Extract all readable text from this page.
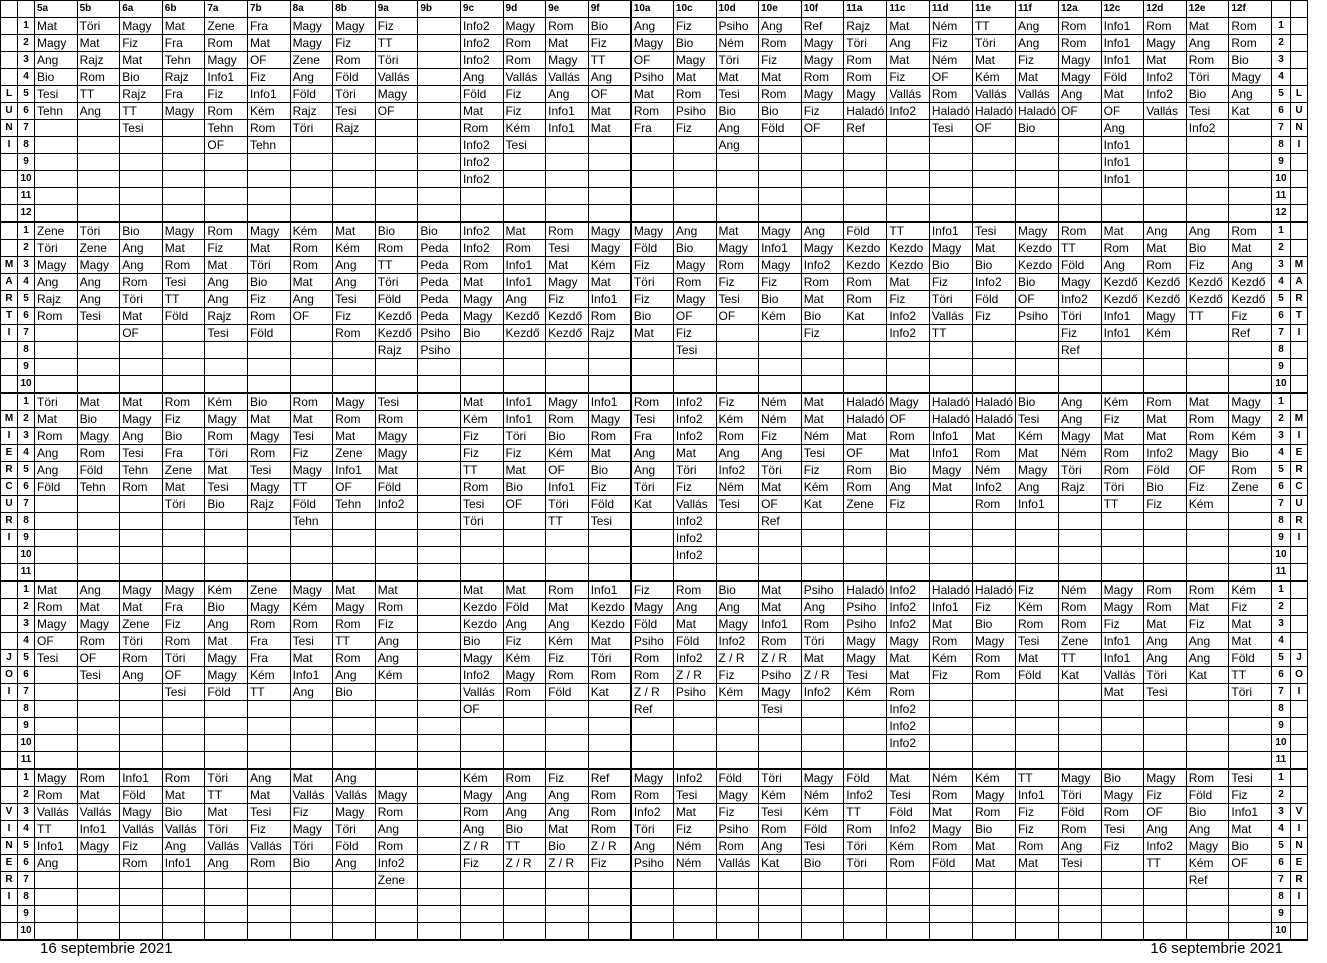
		5a	5b	6a	6b	7a	7b	8a	8b	9a	9b	9c	9d	9e	9f	10a	10c	10d	10e	10f	11a	11c	11d	11e	11f	12a	12c	12d	12e	12f		
	1	Mat	Töri	Magy	Mat	Zene	Fra	Magy	Magy	Fiz		Info2	Magy	Rom	Bio	Ang	Fiz	Psiho	Ang	Ref	Rajz	Mat	Ném	TT	Ang	Rom	Info1	Rom	Mat	Rom	1	
	2	Magy	Mat	Fiz	Fra	Rom	Mat	Magy	Fiz	TT		Info2	Rom	Mat	Fiz	Magy	Bio	Ném	Rom	Magy	Töri	Ang	Fiz	Töri	Ang	Rom	Info1	Magy	Ang	Rom	2	
	3	Ang	Rajz	Mat	Tehn	Magy	OF	Zene	Rom	Töri		Info2	Rom	Magy	TT	OF	Magy	Töri	Fiz	Magy	Rom	Mat	Ném	Mat	Fiz	Magy	Info1	Mat	Rom	Bio	3	
	4	Bio	Rom	Bio	Rajz	Info1	Fiz	Ang	Föld	Vallás		Ang	Vallás	Vallás	Ang	Psiho	Mat	Mat	Mat	Rom	Rom	Fiz	OF	Kém	Mat	Magy	Föld	Info2	Töri	Magy	4	
L	5	Tesi	TT	Rajz	Fra	Fiz	Info1	Föld	Töri	Magy		Föld	Fiz	Ang	OF	Mat	Rom	Tesi	Rom	Magy	Magy	Vallás	Rom	Vallás	Vallás	Ang	Mat	Info2	Bio	Ang	5	L
U	6	Tehn	Ang	TT	Magy	Rom	Kém	Rajz	Tesi	OF		Mat	Fiz	Info1	Mat	Rom	Psiho	Bio	Bio	Fiz	Haladó	Info2	Haladó	Haladó	Haladó	OF	OF	Vallás	Tesi	Kat	6	U
N	7			Tesi		Tehn	Rom	Töri	Rajz			Rom	Kém	Info1	Mat	Fra	Fiz	Ang	Föld	OF	Ref		Tesi	OF	Bio		Ang		Info2		7	N
I	8					OF	Tehn					Info2	Tesi					Ang									Info1				8	I
	9											Info2															Info1				9	
	10											Info2															Info1				10	
	11																														11	
	12																														12	
	1	Zene	Töri	Bio	Magy	Rom	Magy	Kém	Mat	Bio	Bio	Info2	Mat	Rom	Magy	Magy	Ang	Mat	Magy	Ang	Föld	TT	Info1	Tesi	Magy	Rom	Mat	Ang	Ang	Rom	1	
	2	Töri	Zene	Ang	Mat	Fiz	Mat	Rom	Kém	Rom	Peda	Info2	Rom	Tesi	Magy	Föld	Bio	Magy	Info1	Magy	Kezdo	Kezdo	Magy	Mat	Kezdo	TT	Rom	Mat	Bio	Mat	2	
M	3	Magy	Magy	Ang	Rom	Mat	Töri	Rom	Ang	TT	Peda	Rom	Info1	Mat	Kém	Fiz	Magy	Rom	Magy	Info2	Kezdo	Kezdo	Bio	Bio	Kezdo	Föld	Ang	Rom	Fiz	Ang	3	M
A	4	Ang	Ang	Rom	Tesi	Ang	Bio	Mat	Ang	Töri	Peda	Mat	Info1	Magy	Mat	Töri	Rom	Fiz	Fiz	Rom	Rom	Mat	Fiz	Info2	Bio	Magy	Kezdő	Kezdő	Kezdő	Kezdő	4	A
R	5	Rajz	Ang	Töri	TT	Ang	Fiz	Ang	Tesi	Föld	Peda	Magy	Ang	Fiz	Info1	Fiz	Magy	Tesi	Bio	Mat	Rom	Fiz	Töri	Föld	OF	Info2	Kezdő	Kezdő	Kezdő	Kezdő	5	R
T	6	Rom	Tesi	Mat	Föld	Rajz	Rom	OF	Fiz	Kezdő	Peda	Magy	Kezdő	Kezdő	Rom	Bio	OF	OF	Kém	Bio	Kat	Info2	Vallás	Fiz	Psiho	Töri	Info1	Magy	TT	Fiz	6	T
I	7			OF		Tesi	Föld		Rom	Kezdő	Psiho	Bio	Kezdő	Kezdő	Rajz	Mat	Fiz			Fiz		Info2	TT			Fiz	Info1	Kém		Ref	7	I
	8									Rajz	Psiho						Tesi									Ref					8	
	9																														9	
	10																														10	
	1	Töri	Mat	Mat	Rom	Kém	Bio	Rom	Magy	Tesi		Mat	Info1	Magy	Info1	Rom	Info2	Fiz	Ném	Mat	Haladó	Magy	Haladó	Haladó	Bio	Ang	Kém	Rom	Mat	Magy	1	
M	2	Mat	Bio	Magy	Fiz	Magy	Mat	Mat	Rom	Rom		Kém	Info1	Rom	Magy	Tesi	Info2	Kém	Ném	Mat	Haladó	OF	Haladó	Haladó	Tesi	Ang	Fiz	Mat	Rom	Magy	2	M
I	3	Rom	Magy	Ang	Bio	Rom	Magy	Tesi	Mat	Magy		Fiz	Töri	Bio	Rom	Fra	Info2	Rom	Fiz	Ném	Mat	Rom	Info1	Mat	Kém	Magy	Mat	Mat	Rom	Kém	3	I
E	4	Ang	Rom	Tesi	Fra	Töri	Rom	Fiz	Zene	Magy		Fiz	Fiz	Kém	Mat	Ang	Mat	Ang	Ang	Tesi	OF	Mat	Info1	Rom	Mat	Ném	Rom	Info2	Magy	Bio	4	E
R	5	Ang	Föld	Tehn	Zene	Mat	Tesi	Magy	Info1	Mat		TT	Mat	OF	Bio	Ang	Töri	Info2	Töri	Fiz	Rom	Bio	Magy	Ném	Magy	Töri	Rom	Föld	OF	Rom	5	R
C	6	Föld	Tehn	Rom	Mat	Tesi	Magy	TT	OF	Föld		Rom	Bio	Info1	Fiz	Töri	Fiz	Ném	Mat	Kém	Rom	Ang	Mat	Info2	Ang	Rajz	Töri	Bio	Fiz	Zene	6	C
U	7				Töri	Bio	Rajz	Föld	Tehn	Info2		Tesi	OF	Töri	Föld	Kat	Vallás	Tesi	OF	Kat	Zene	Fiz		Rom	Info1		TT	Fiz	Kém		7	U
R	8							Tehn				Töri		TT	Tesi		Info2		Ref												8	R
I	9																Info2														9	I
	10																Info2														10	
	11																														11	
	1	Mat	Ang	Magy	Magy	Kém	Zene	Magy	Mat	Mat		Mat	Mat	Rom	Info1	Fiz	Rom	Bio	Mat	Psiho	Haladó	Info2	Haladó	Haladó	Fiz	Ném	Magy	Rom	Rom	Kém	1	
	2	Rom	Mat	Mat	Fra	Bio	Magy	Kém	Magy	Rom		Kezdo	Föld	Mat	Kezdo	Magy	Ang	Ang	Mat	Ang	Psiho	Info2	Info1	Fiz	Kém	Rom	Magy	Rom	Mat	Fiz	2	
	3	Magy	Magy	Zene	Fiz	Ang	Rom	Rom	Rom	Fiz		Kezdo	Ang	Ang	Kezdo	Föld	Mat	Magy	Info1	Rom	Psiho	Info2	Mat	Bio	Rom	Rom	Fiz	Mat	Fiz	Mat	3	
	4	OF	Rom	Töri	Rom	Mat	Fra	Tesi	TT	Ang		Bio	Fiz	Kém	Mat	Psiho	Föld	Info2	Rom	Töri	Magy	Magy	Rom	Magy	Tesi	Zene	Info1	Ang	Ang	Mat	4	
J	5	Tesi	OF	Rom	Töri	Magy	Fra	Mat	Rom	Ang		Magy	Kém	Fiz	Töri	Rom	Info2	Z / R	Z / R	Mat	Magy	Mat	Kém	Rom	Mat	TT	Info1	Ang	Ang	Föld	5	J
O	6		Tesi	Ang	OF	Magy	Kém	Info1	Ang	Kém		Info2	Magy	Rom	Rom	Rom	Z / R	Fiz	Psiho	Z / R	Tesi	Mat	Fiz	Rom	Föld	Kat	Vallás	Töri	Kat	TT	6	O
I	7				Tesi	Föld	TT	Ang	Bio			Vallás	Rom	Föld	Kat	Z / R	Psiho	Kém	Magy	Info2	Kém	Rom					Mat	Tesi		Töri	7	I
	8											OF				Ref			Tesi			Info2									8	
	9																					Info2									9	
	10																					Info2									10	
	11																														11	
	1	Magy	Rom	Info1	Rom	Töri	Ang	Mat	Ang			Kém	Rom	Fiz	Ref	Magy	Info2	Föld	Töri	Magy	Föld	Mat	Ném	Kém	TT	Magy	Bio	Magy	Rom	Tesi	1	
	2	Rom	Mat	Föld	Mat	TT	Mat	Vallás	Vallás	Magy		Magy	Ang	Ang	Rom	Rom	Tesi	Magy	Kém	Ném	Info2	Tesi	Rom	Magy	Info1	Töri	Magy	Fiz	Föld	Fiz	2	
V	3	Vallás	Vallás	Magy	Bio	Mat	Tesi	Fiz	Magy	Rom		Rom	Ang	Ang	Rom	Info2	Mat	Fiz	Tesi	Kém	TT	Föld	Mat	Rom	Fiz	Föld	Rom	OF	Bio	Info1	3	V
I	4	TT	Info1	Vallás	Vallás	Töri	Fiz	Magy	Töri	Ang		Ang	Bio	Mat	Rom	Töri	Fiz	Psiho	Rom	Föld	Rom	Info2	Magy	Bio	Fiz	Rom	Tesi	Ang	Ang	Mat	4	I
N	5	Info1	Magy	Fiz	Ang	Vallás	Vallás	Töri	Föld	Rom		Z / R	TT	Bio	Z / R	Ang	Ném	Rom	Ang	Tesi	Töri	Kém	Rom	Mat	Rom	Ang	Fiz	Info2	Magy	Bio	5	N
E	6	Ang		Rom	Info1	Ang	Rom	Bio	Ang	Info2		Fiz	Z / R	Z / R	Fiz	Psiho	Ném	Vallás	Kat	Bio	Töri	Rom	Föld	Mat	Mat	Tesi		TT	Kém	OF	6	E
R	7									Zene																			Ref		7	R
I	8																														8	I
	9																														9	
	10																														10	
16 septembrie 2021	16 septembrie 2021
